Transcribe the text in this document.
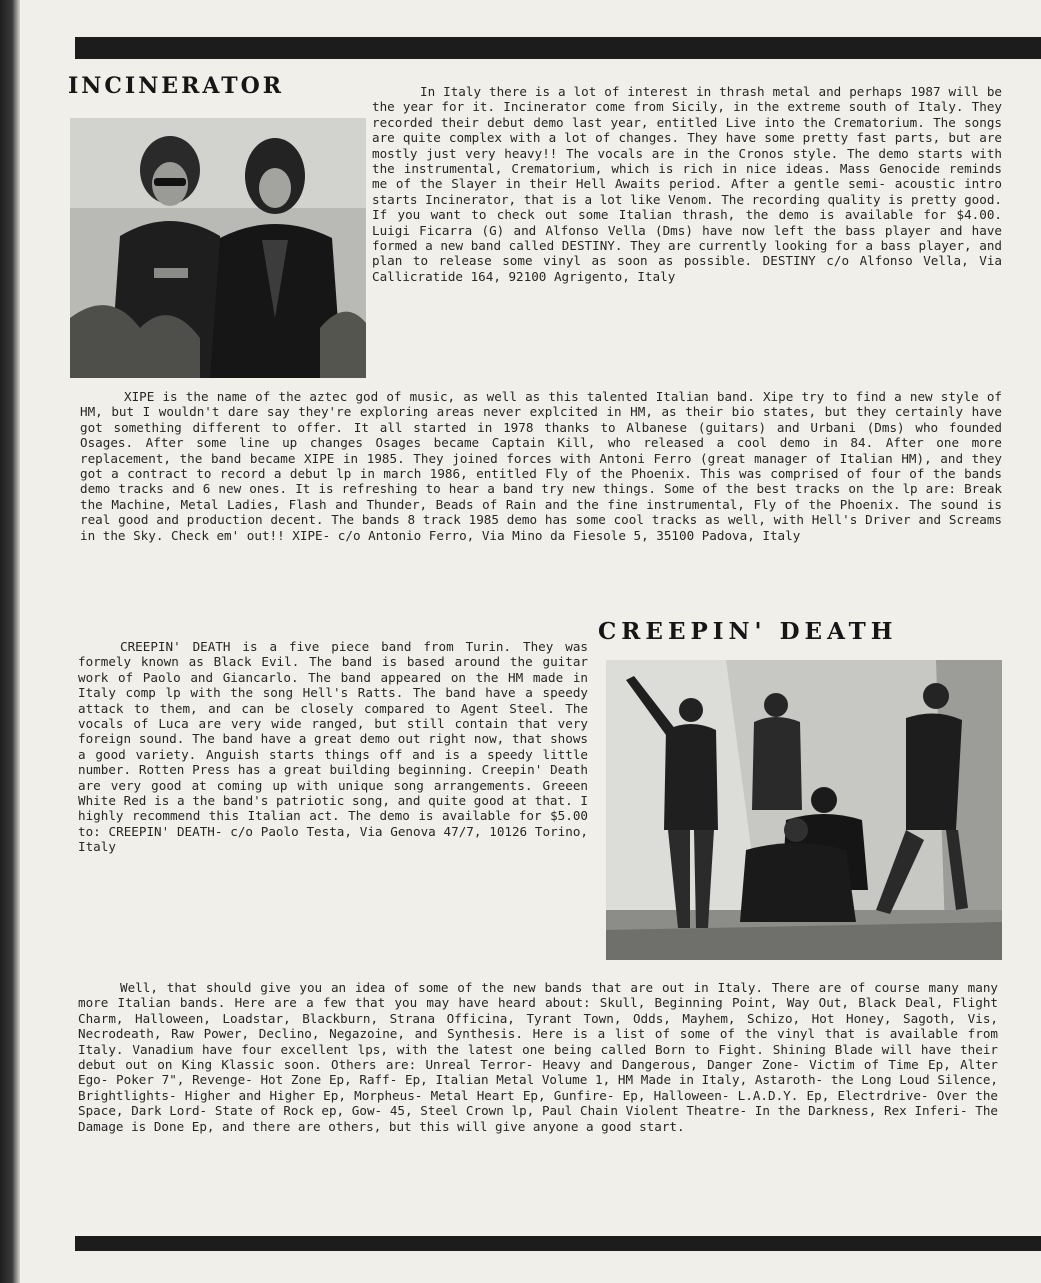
INCINERATOR	In Italy there is a lot of interest in thrash metal and perhaps 1987 will be the year for it. Incinerator come from Sicily, in the extreme south of Italy. They recorded their debut demo last year, entitled Live into the Crematorium. The songs are quite complex with a lot of changes. They have some pretty fast parts, but are mostly just very heavy!! The vocals are in the Cronos style. The demo starts with the instrumental, Crematorium, which is rich in nice ideas. Mass Genocide reminds me of the Slayer in their Hell Awaits period. After a gentle semi- acoustic intro starts Incinerator, that is a lot like Venom. The recording quality is pretty good. If you want to check out some Italian thrash, the demo is available for $4.00. Luigi Ficarra (G) and Alfonso Vella (Dms) have now left the bass player and have formed a new band called DESTINY. They are currently looking for a bass player, and plan to release some vinyl as soon as possible. DESTINY c/o Alfonso Vella, Via Callicratide 164, 92100 Agrigento, Italy

XIPE is the name of the aztec god of music, as well as this talented Italian band. Xipe try to find a new style of HM, but I wouldn't dare say they're exploring areas never explcited in HM, as their bio states, but they certainly have got something different to offer. It all started in 1978 thanks to Albanese (guitars) and Urbani (Dms) who founded Osages. After some line up changes Osages became Captain Kill, who released a cool demo in 84. After one more replacement, the band became XIPE in 1985. They joined forces with Antoni Ferro (great manager of Italian HM), and they got a contract to record a debut lp in march 1986, entitled Fly of the Phoenix. This was comprised of four of the bands demo tracks and 6 new ones. It is refreshing to hear a band try new things. Some of the best tracks on the lp are: Break the Machine, Metal Ladies, Flash and Thunder, Beads of Rain and the fine instrumental, Fly of the Phoenix. The sound is real good and production decent. The bands 8 track 1985 demo has some cool tracks as well, with Hell's Driver and Screams in the Sky. Check em' out!! XIPE- c/o Antonio Ferro, Via Mino da Fiesole 5, 35100 Padova, Italy

CREEPIN' DEATH

CREEPIN' DEATH is a five piece band from Turin. They was formely known as Black Evil. The band is based around the guitar work of Paolo and Giancarlo. The band appeared on the HM made in Italy comp lp with the song Hell's Ratts. The band have a speedy attack to them, and can be closely compared to Agent Steel. The vocals of Luca are very wide ranged, but still contain that very foreign sound. The band have a great demo out right now, that shows a good variety. Anguish starts things off and is a speedy little number. Rotten Press has a great building beginning. Creepin' Death are very good at coming up with unique song arrangements. Greeen White Red is a the band's patriotic song, and quite good at that. I highly recommend this Italian act. The demo is available for $5.00 to: CREEPIN' DEATH- c/o Paolo Testa, Via Genova 47/7, 10126 Torino, Italy

Well, that should give you an idea of some of the new bands that are out in Italy. There are of course many many more Italian bands. Here are a few that you may have heard about: Skull, Beginning Point, Way Out, Black Deal, Flight Charm, Halloween, Loadstar, Blackburn, Strana Officina, Tyrant Town, Odds, Mayhem, Schizo, Hot Honey, Sagoth, Vis, Necrodeath, Raw Power, Declino, Negazoine, and Synthesis. Here is a list of some of the vinyl that is available from Italy. Vanadium have four excellent lps, with the latest one being called Born to Fight. Shining Blade will have their debut out on King Klassic soon. Others are: Unreal Terror- Heavy and Dangerous, Danger Zone- Victim of Time Ep, Alter Ego- Poker 7", Revenge- Hot Zone Ep, Raff- Ep, Italian Metal Volume 1, HM Made in Italy, Astaroth- the Long Loud Silence, Brightlights- Higher and Higher Ep, Morpheus- Metal Heart Ep, Gunfire- Ep, Halloween- L.A.D.Y. Ep, Electrdrive- Over the Space, Dark Lord- State of Rock ep, Gow- 45, Steel Crown lp, Paul Chain Violent Theatre- In the Darkness, Rex Inferi- The Damage is Done Ep, and there are others, but this will give anyone a good start.
